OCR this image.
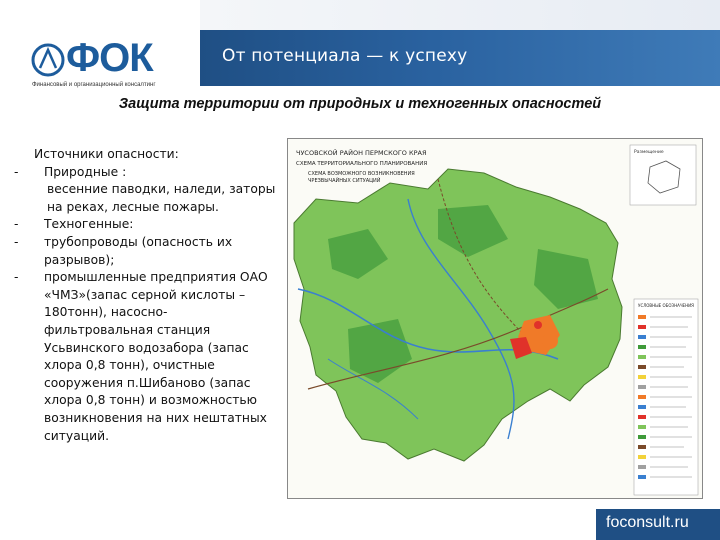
ФОК
Финансовый и организационный консалтинг
От потенциала — к успеху
Защита территории от природных и техногенных опасностей
Источники опасности:
-	Природные :
весенние паводки, наледи, заторы на реках, лесные пожары.
-	Техногенные:
-	трубопроводы (опасность их разрывов);
-	промышленные предприятия ОАО «ЧМЗ»(запас серной кислоты – 180тонн), насосно-фильтровальная станция Усьвинского водозабора (запас хлора 0,8 тонн), очистные сооружения п.Шибаново (запас хлора 0,8 тонн) и возможностью возникновения на них нештатных ситуаций.
ЧУСОВСКОЙ РАЙОН ПЕРМСКОГО КРАЯ
СХЕМА ТЕРРИТОРИАЛЬНОГО ПЛАНИРОВАНИЯ
СХЕМА ВОЗМОЖНОГО ВОЗНИКНОВЕНИЯ
ЧРЕЗВЫЧАЙНЫХ СИТУАЦИЙ
Размещение
УСЛОВНЫЕ ОБОЗНАЧЕНИЯ
foconsult.ru
